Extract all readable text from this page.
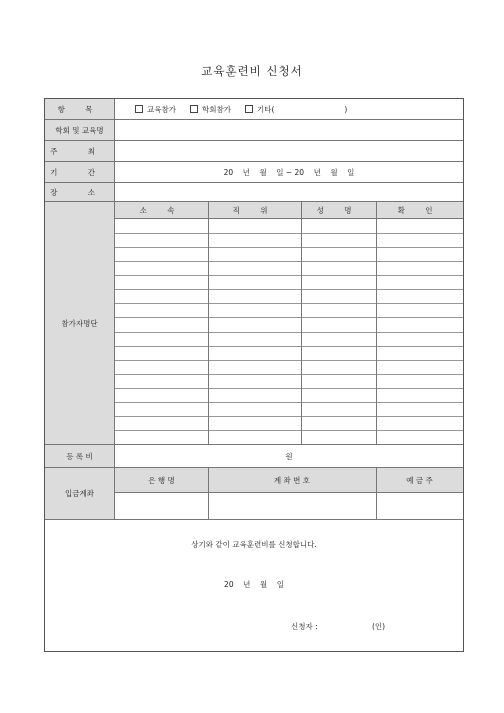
교육훈련비 신청서
항 목	교육참가	학회참가	기타(	)
학회 및 교육명
주 최
기 간	20    년    월    일 ~ 20    년    월    일
장 소
참가자명단
소 속	직 위	성 명	확 인
등 록 비	원
입금계좌
은 행 명	계 좌 번 호	예 금 주
상기와 같이 교육훈련비를 신청합니다.
20    년    월    일
신청자 :	(인)
